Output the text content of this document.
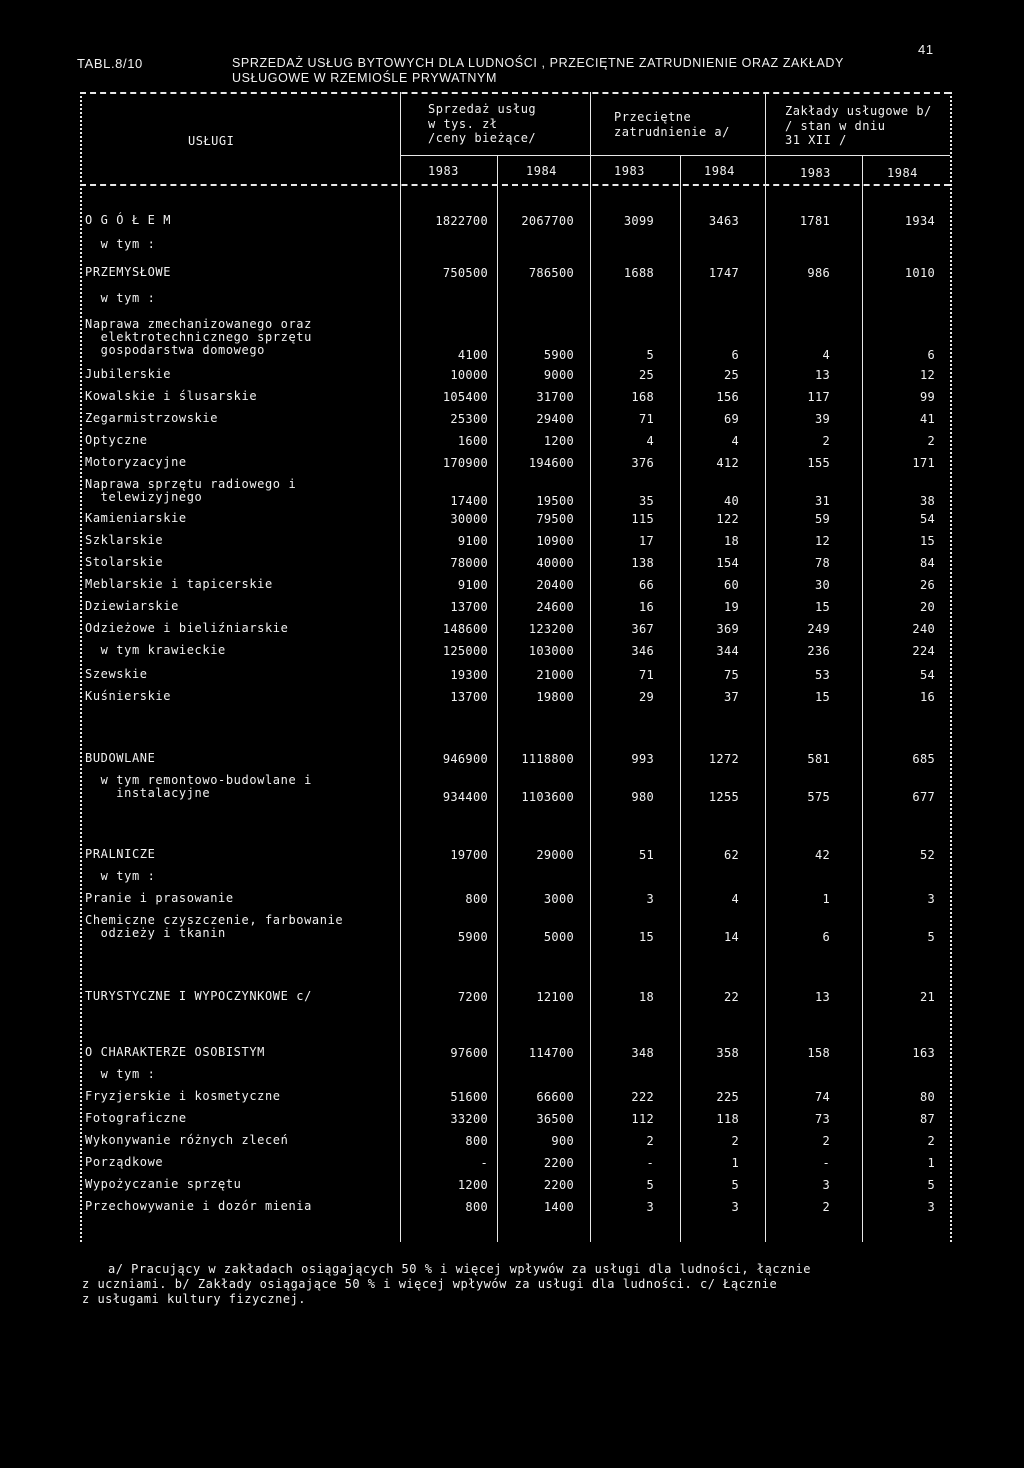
41
TABL.8/10	SPRZEDAŻ USŁUG BYTOWYCH DLA LUDNOŚCI , PRZECIĘTNE ZATRUDNIENIE ORAZ ZAKŁADY
USŁUGOWE W RZEMIOŚLE PRYWATNYM
USŁUGI
Sprzedaż usług
w tys. zł
/ceny bieżące/
Przeciętne
zatrudnienie a/
Zakłady usługowe b/
/ stan w dniu
31 XII /
1983	1984	1983	1984	1983	1984
O G Ó Ł E M	1822700	2067700	3099	3463	1781	1934
w tym :
PRZEMYSŁOWE	750500	786500	1688	1747	986	1010
w tym :
Naprawa zmechanizowanego oraz
elektrotechnicznego sprzętu
gospodarstwa domowego	4100	5900	5	6	4	6
Jubilerskie	10000	9000	25	25	13	12
Kowalskie i ślusarskie	105400	31700	168	156	117	99
Zegarmistrzowskie	25300	29400	71	69	39	41
Optyczne	1600	1200	4	4	2	2
Motoryzacyjne	170900	194600	376	412	155	171
Naprawa sprzętu radiowego i
telewizyjnego	17400	19500	35	40	31	38
Kamieniarskie	30000	79500	115	122	59	54
Szklarskie	9100	10900	17	18	12	15
Stolarskie	78000	40000	138	154	78	84
Meblarskie i tapicerskie	9100	20400	66	60	30	26
Dziewiarskie	13700	24600	16	19	15	20
Odzieżowe i bieliźniarskie	148600	123200	367	369	249	240
w tym krawieckie	125000	103000	346	344	236	224
Szewskie	19300	21000	71	75	53	54
Kuśnierskie	13700	19800	29	37	15	16
BUDOWLANE	946900	1118800	993	1272	581	685
w tym remontowo-budowlane i
instalacyjne	934400	1103600	980	1255	575	677
PRALNICZE	19700	29000	51	62	42	52
w tym :
Pranie i prasowanie	800	3000	3	4	1	3
Chemiczne czyszczenie, farbowanie
odzieży i tkanin	5900	5000	15	14	6	5
TURYSTYCZNE I WYPOCZYNKOWE c/	7200	12100	18	22	13	21
O CHARAKTERZE OSOBISTYM	97600	114700	348	358	158	163
w tym :
Fryzjerskie i kosmetyczne	51600	66600	222	225	74	80
Fotograficzne	33200	36500	112	118	73	87
Wykonywanie różnych zleceń	800	900	2	2	2	2
Porządkowe	-	2200	-	1	-	1
Wypożyczanie sprzętu	1200	2200	5	5	3	5
Przechowywanie i dozór mienia	800	1400	3	3	2	3
a/ Pracujący w zakładach osiągających 50 % i więcej wpływów za usługi dla ludności, łącznie
z uczniami. b/ Zakłady osiągające 50 % i więcej wpływów za usługi dla ludności. c/ Łącznie
z usługami kultury fizycznej.
